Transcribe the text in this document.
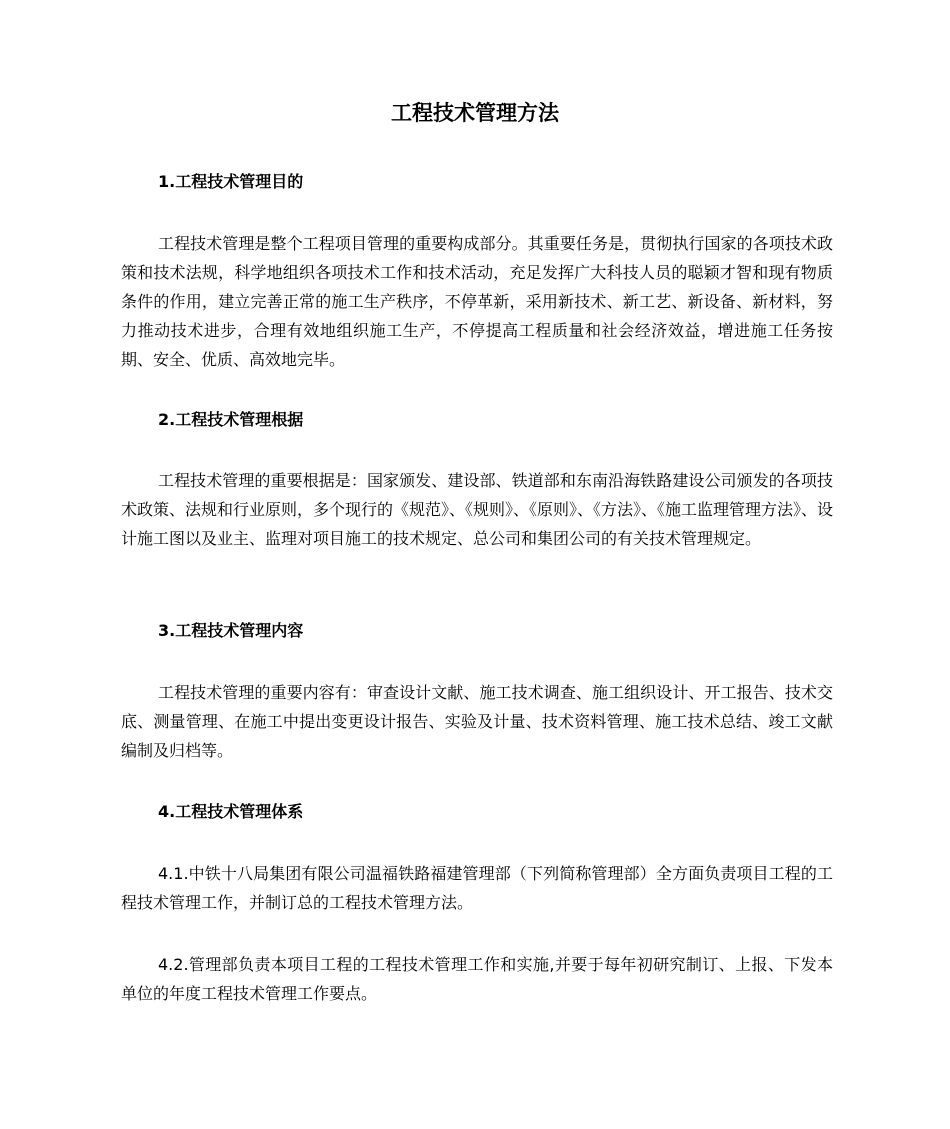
工程技术管理方法
1.工程技术管理目的

工程技术管理是整个工程项目管理的重要构成部分。其重要任务是，贯彻执行国家的各项技术政策和技术法规，科学地组织各项技术工作和技术活动，充足发挥广大科技人员的聪颖才智和现有物质条件的作用，建立完善正常的施工生产秩序，不停革新，采用新技术、新工艺、新设备、新材料，努力推动技术进步，合理有效地组织施工生产，不停提高工程质量和社会经济效益，增进施工任务按期、安全、优质、高效地完毕。

2.工程技术管理根据

工程技术管理的重要根据是：国家颁发、建设部、铁道部和东南沿海铁路建设公司颁发的各项技术政策、法规和行业原则，多个现行的《规范》、《规则》、《原则》、《方法》、《施工监理管理方法》、设计施工图以及业主、监理对项目施工的技术规定、总公司和集团公司的有关技术管理规定。

3.工程技术管理内容

工程技术管理的重要内容有：审查设计文献、施工技术调查、施工组织设计、开工报告、技术交底、测量管理、在施工中提出变更设计报告、实验及计量、技术资料管理、施工技术总结、竣工文献编制及归档等。

4.工程技术管理体系

4.1.中铁十八局集团有限公司温福铁路福建管理部（下列简称管理部）全方面负责项目工程的工程技术管理工作，并制订总的工程技术管理方法。

4.2.管理部负责本项目工程的工程技术管理工作和实施,并要于每年初研究制订、上报、下发本单位的年度工程技术管理工作要点。
